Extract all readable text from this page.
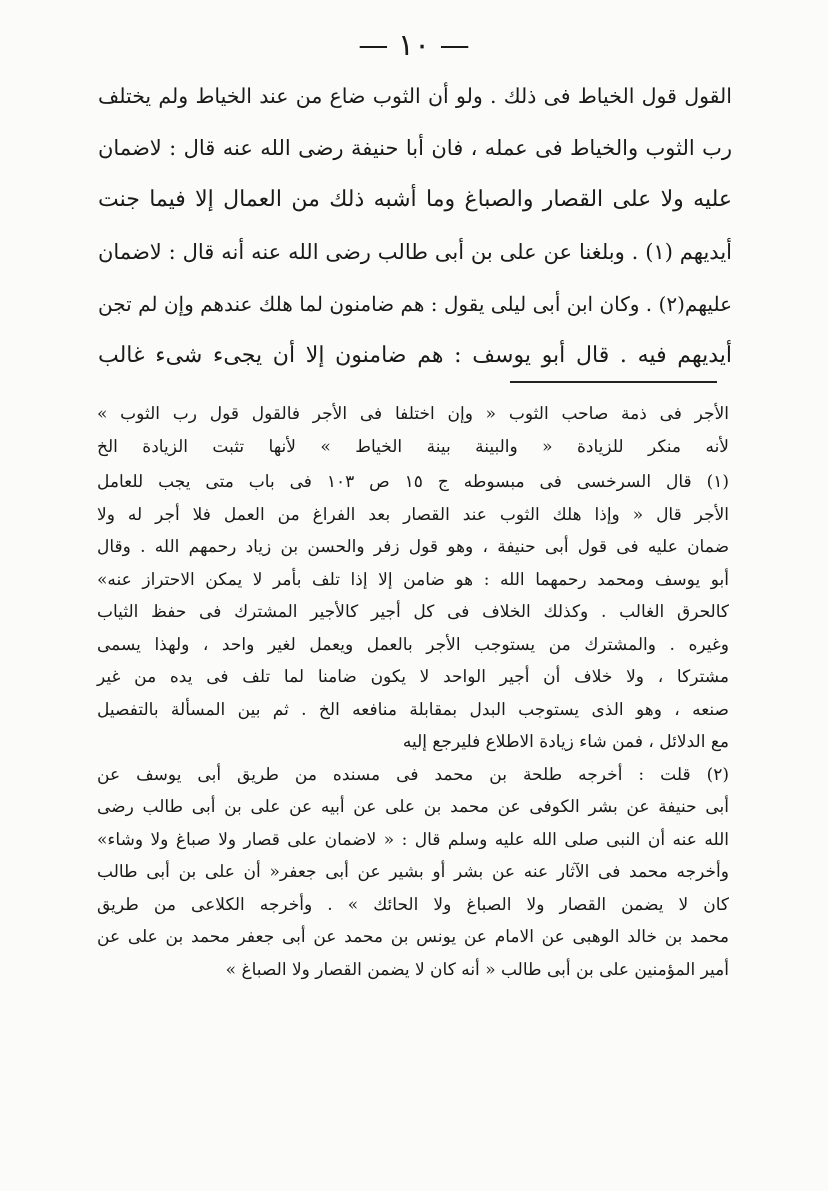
— ١٠ —
القول قول الخياط فى ذلك . ولو أن الثوب ضاع من عند الخياط ولم يختلف
رب الثوب والخياط فى عمله ، فان أبا حنيفة رضى الله عنه قال : لاضمان
عليه ولا على القصار والصباغ وما أشبه ذلك من العمال إلا فيما جنت
أيديهم (١) . وبلغنا عن على بن أبى طالب رضى الله عنه أنه قال : لاضمان
عليهم(٢) . وكان ابن أبى ليلى يقول : هم ضامنون لما هلك عندهم وإن لم تجن
أيديهم فيه . قال أبو يوسف : هم ضامنون إلا أن يجىء شىء غالب
الأجر فى ذمة صاحب الثوب « وإن اختلفا فى الأجر فالقول قول رب الثوب »
لأنه منكر للزيادة « والبينة بينة الخياط » لأنها تثبت الزيادة الخ
(١) قال السرخسى فى مبسوطه ج ١٥ ص ١٠٣ فى باب متى يجب للعامل
الأجر قال « وإذا هلك الثوب عند القصار بعد الفراغ من العمل فلا أجر له ولا
ضمان عليه فى قول أبى حنيفة ، وهو قول زفر والحسن بن زياد رحمهم الله . وقال
أبو يوسف ومحمد رحمهما الله : هو ضامن إلا إذا تلف بأمر لا يمكن الاحتراز عنه»
كالحرق الغالب . وكذلك الخلاف فى كل أجير كالأجير المشترك فى حفظ الثياب
وغيره . والمشترك من يستوجب الأجر بالعمل ويعمل لغير واحد ، ولهذا يسمى
مشتركا ، ولا خلاف أن أجير الواحد لا يكون ضامنا لما تلف فى يده من غير
صنعه ، وهو الذى يستوجب البدل بمقابلة منافعه الخ . ثم بين المسألة بالتفصيل
مع الدلائل ، فمن شاء زيادة الاطلاع فليرجع إليه
(٢) قلت : أخرجه طلحة بن محمد فى مسنده من طريق أبى يوسف عن
أبى حنيفة عن بشر الكوفى عن محمد بن على عن أبيه عن على بن أبى طالب رضى
الله عنه أن النبى صلى الله عليه وسلم قال : « لاضمان على قصار ولا صباغ ولا وشاء»
وأخرجه محمد فى الآثار عنه عن بشر أو بشير عن أبى جعفر« أن على بن أبى طالب
كان لا يضمن القصار ولا الصباغ ولا الحائك » . وأخرجه الكلاعى من طريق
محمد بن خالد الوهبى عن الامام عن يونس بن محمد عن أبى جعفر محمد بن على عن
أمير المؤمنين على بن أبى طالب « أنه كان لا يضمن القصار ولا الصباغ »
